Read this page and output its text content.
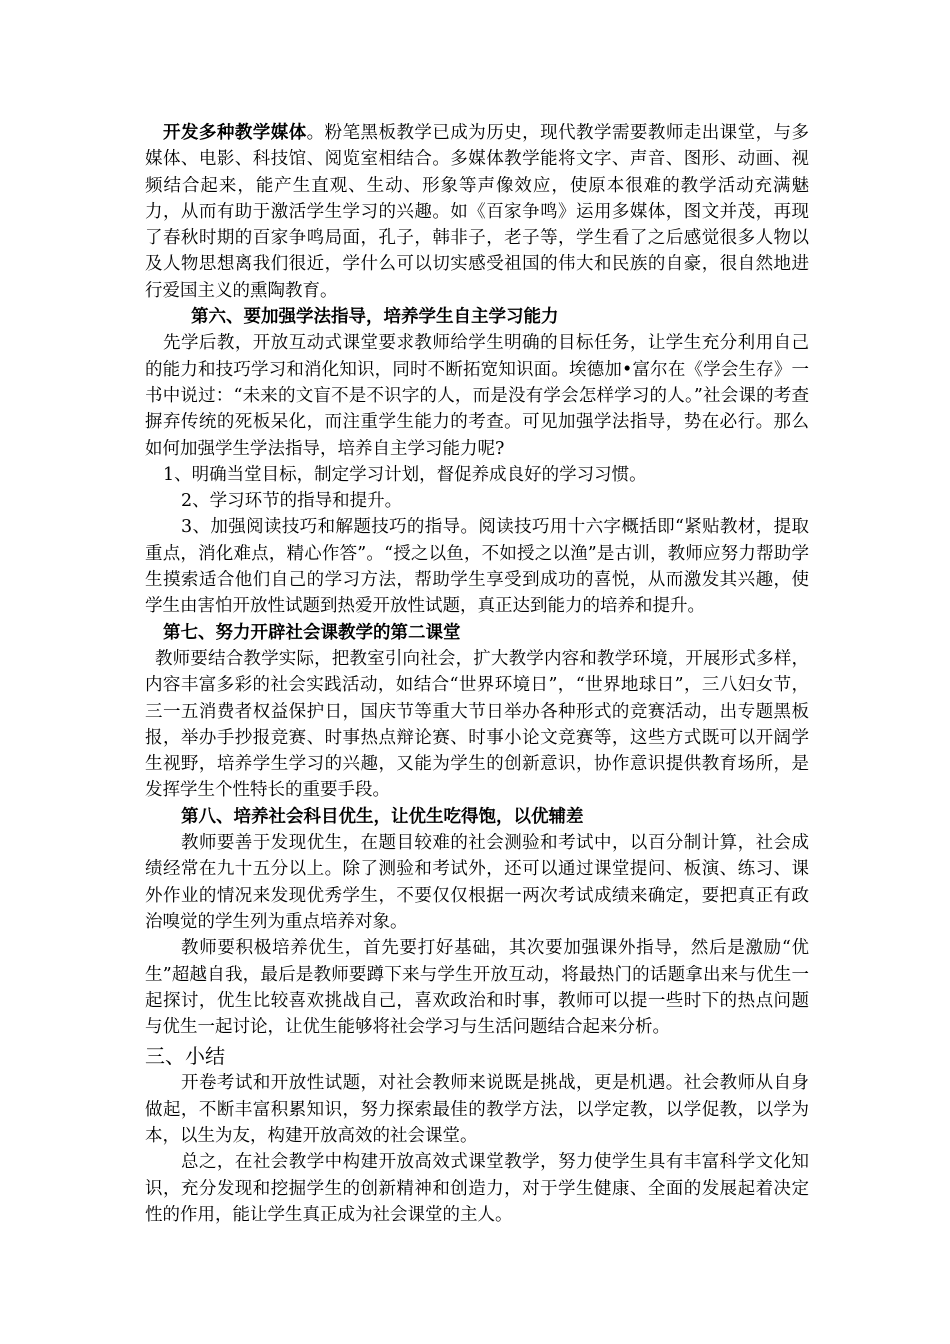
开发多种教学媒体。粉笔黑板教学已成为历史，现代教学需要教师走出课堂，与多媒体、电影、科技馆、阅览室相结合。多媒体教学能将文字、声音、图形、动画、视频结合起来，能产生直观、生动、形象等声像效应，使原本很难的教学活动充满魅力，从而有助于激活学生学习的兴趣。如《百家争鸣》运用多媒体，图文并茂，再现了春秋时期的百家争鸣局面，孔子，韩非子，老子等，学生看了之后感觉很多人物以及人物思想离我们很近，学什么可以切实感受祖国的伟大和民族的自豪，很自然地进行爱国主义的熏陶教育。

第六、要加强学法指导，培养学生自主学习能力

先学后教，开放互动式课堂要求教师给学生明确的目标任务，让学生充分利用自己的能力和技巧学习和消化知识，同时不断拓宽知识面。埃德加•富尔在《学会生存》一书中说过：“未来的文盲不是不识字的人，而是没有学会怎样学习的人。”社会课的考查摒弃传统的死板呆化，而注重学生能力的考查。可见加强学法指导，势在必行。那么如何加强学生学法指导，培养自主学习能力呢?

1、明确当堂目标，制定学习计划，督促养成良好的学习习惯。

2、学习环节的指导和提升。

3、加强阅读技巧和解题技巧的指导。阅读技巧用十六字概括即“紧贴教材，提取重点，消化难点，精心作答”。“授之以鱼，不如授之以渔”是古训，教师应努力帮助学生摸索适合他们自己的学习方法，帮助学生享受到成功的喜悦，从而激发其兴趣，使学生由害怕开放性试题到热爱开放性试题，真正达到能力的培养和提升。

第七、努力开辟社会课教学的第二课堂

教师要结合教学实际，把教室引向社会，扩大教学内容和教学环境，开展形式多样，内容丰富多彩的社会实践活动，如结合“世界环境日”，“世界地球日”，三八妇女节，三一五消费者权益保护日，国庆节等重大节日举办各种形式的竞赛活动，出专题黑板报，举办手抄报竞赛、时事热点辩论赛、时事小论文竞赛等，这些方式既可以开阔学生视野，培养学生学习的兴趣，又能为学生的创新意识，协作意识提供教育场所，是发挥学生个性特长的重要手段。

第八、培养社会科目优生，让优生吃得饱，以优辅差

教师要善于发现优生，在题目较难的社会测验和考试中，以百分制计算，社会成绩经常在九十五分以上。除了测验和考试外，还可以通过课堂提问、板演、练习、课外作业的情况来发现优秀学生，不要仅仅根据一两次考试成绩来确定，要把真正有政治嗅觉的学生列为重点培养对象。

教师要积极培养优生，首先要打好基础，其次要加强课外指导，然后是激励“优生”超越自我，最后是教师要蹲下来与学生开放互动，将最热门的话题拿出来与优生一起探讨，优生比较喜欢挑战自己，喜欢政治和时事，教师可以提一些时下的热点问题与优生一起讨论，让优生能够将社会学习与生活问题结合起来分析。

三、小结

开卷考试和开放性试题，对社会教师来说既是挑战，更是机遇。社会教师从自身做起，不断丰富积累知识，努力探索最佳的教学方法，以学定教，以学促教，以学为本，以生为友，构建开放高效的社会课堂。

总之，在社会教学中构建开放高效式课堂教学，努力使学生具有丰富科学文化知识，充分发现和挖掘学生的创新精神和创造力，对于学生健康、全面的发展起着决定性的作用，能让学生真正成为社会课堂的主人。
